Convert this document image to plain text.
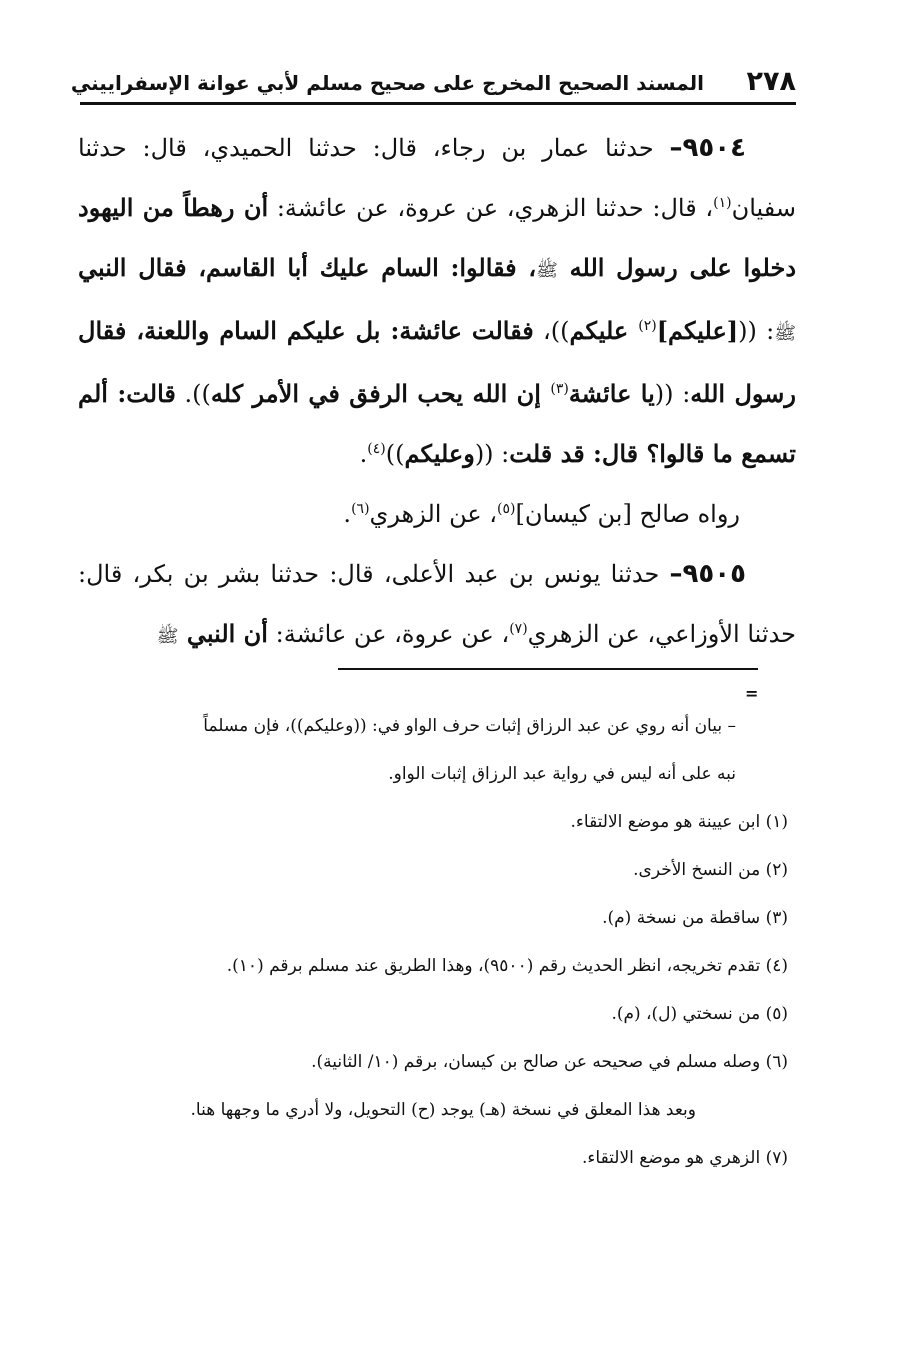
٢٧٨
المسند الصحيح المخرج على صحيح مسلم لأبي عوانة الإسفراييني

٩٥٠٤– حدثنا عمار بن رجاء، قال: حدثنا الحميدي، قال: حدثنا سفيان$^{(١)}$، قال: حدثنا الزهري، عن عروة، عن عائشة: أن رهطاً من اليهود دخلوا على رسول الله ﷺ، فقالوا: السام عليك أبا القاسم، فقال النبي ﷺ: (([عليكم]$^{(٢)}$ عليكم))، فقالت عائشة: بل عليكم السام واللعنة، فقال رسول الله: ((يا عائشة$^{(٣)}$ إن الله يحب الرفق في الأمر كله)). قالت: ألم تسمع ما قالوا؟ قال: قد قلت: ((وعليكم))$^{(٤)}$.

رواه صالح [بن كيسان]$^{(٥)}$، عن الزهري$^{(٦)}$.

٩٥٠٥– حدثنا يونس بن عبد الأعلى، قال: حدثنا بشر بن بكر، قال: حدثنا الأوزاعي، عن الزهري$^{(٧)}$، عن عروة، عن عائشة: أن النبي ﷺ

=

– بيان أنه روي عن عبد الرزاق إثبات حرف الواو في: ((وعليكم))، فإن مسلماً

نبه على أنه ليس في رواية عبد الرزاق إثبات الواو.

(١) ابن عيينة هو موضع الالتقاء.

(٢) من النسخ الأخرى.

(٣) ساقطة من نسخة (م).

(٤) تقدم تخريجه، انظر الحديث رقم (٩٥٠٠)، وهذا الطريق عند مسلم برقم (١٠).

(٥) من نسختي (ل)، (م).

(٦) وصله مسلم في صحيحه عن صالح بن كيسان، برقم (١٠/ الثانية).

وبعد هذا المعلق في نسخة (هـ) يوجد (ح) التحويل، ولا أدري ما وجهها هنا.

(٧) الزهري هو موضع الالتقاء.
